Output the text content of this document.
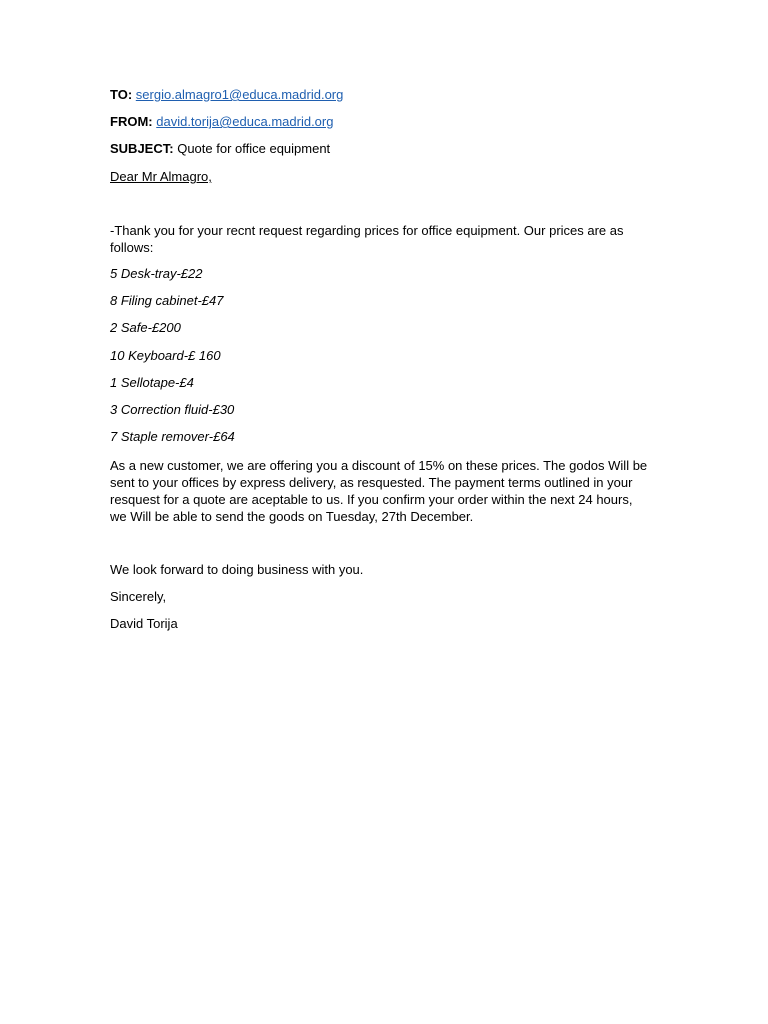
TO: sergio.almagro1@educa.madrid.org
FROM: david.torija@educa.madrid.org
SUBJECT: Quote for office equipment
Dear Mr Almagro,
-Thank you for your recnt request regarding prices for office equipment. Our prices are as follows:
5 Desk-tray-£22
8 Filing cabinet-£47
2 Safe-£200
10 Keyboard-£ 160
1 Sellotape-£4
3 Correction fluid-£30
7 Staple remover-£64
As a new customer, we are offering you a discount of 15% on these prices. The godos Will be sent to your offices by express delivery, as resquested. The payment terms outlined in your resquest for a quote are aceptable to us. If you confirm your order within the next 24 hours, we Will be able to send the goods on Tuesday, 27th December.
We look forward to doing business with you.
Sincerely,
David Torija
